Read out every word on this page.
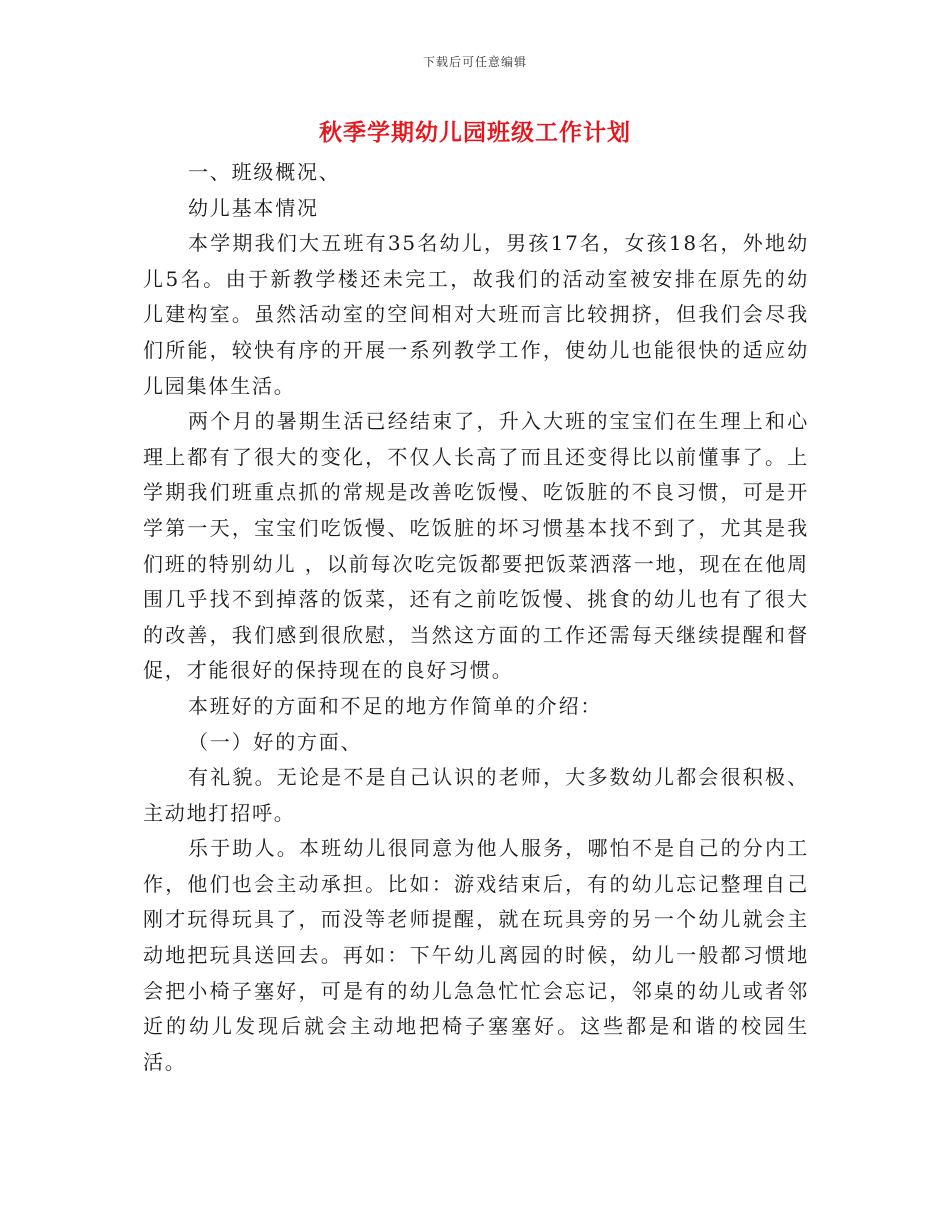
下载后可任意编辑
秋季学期幼儿园班级工作计划

一、班级概况、

幼儿基本情况

本学期我们大五班有35名幼儿，男孩17名，女孩18名，外地幼儿5名。由于新教学楼还未完工，故我们的活动室被安排在原先的幼儿建构室。虽然活动室的空间相对大班而言比较拥挤，但我们会尽我们所能，较快有序的开展一系列教学工作，使幼儿也能很快的适应幼儿园集体生活。

两个月的暑期生活已经结束了，升入大班的宝宝们在生理上和心理上都有了很大的变化，不仅人长高了而且还变得比以前懂事了。上学期我们班重点抓的常规是改善吃饭慢、吃饭脏的不良习惯，可是开学第一天，宝宝们吃饭慢、吃饭脏的坏习惯基本找不到了，尤其是我们班的特别幼儿 ，以前每次吃完饭都要把饭菜洒落一地，现在在他周围几乎找不到掉落的饭菜，还有之前吃饭慢、挑食的幼儿也有了很大的改善，我们感到很欣慰，当然这方面的工作还需每天继续提醒和督促，才能很好的保持现在的良好习惯。

本班好的方面和不足的地方作简单的介绍：

（一）好的方面、

有礼貌。无论是不是自己认识的老师，大多数幼儿都会很积极、主动地打招呼。

乐于助人。本班幼儿很同意为他人服务，哪怕不是自己的分内工作，他们也会主动承担。比如：游戏结束后，有的幼儿忘记整理自己刚才玩得玩具了，而没等老师提醒，就在玩具旁的另一个幼儿就会主动地把玩具送回去。再如：下午幼儿离园的时候，幼儿一般都习惯地会把小椅子塞好，可是有的幼儿急急忙忙会忘记，邻桌的幼儿或者邻近的幼儿发现后就会主动地把椅子塞塞好。这些都是和谐的校园生活。
